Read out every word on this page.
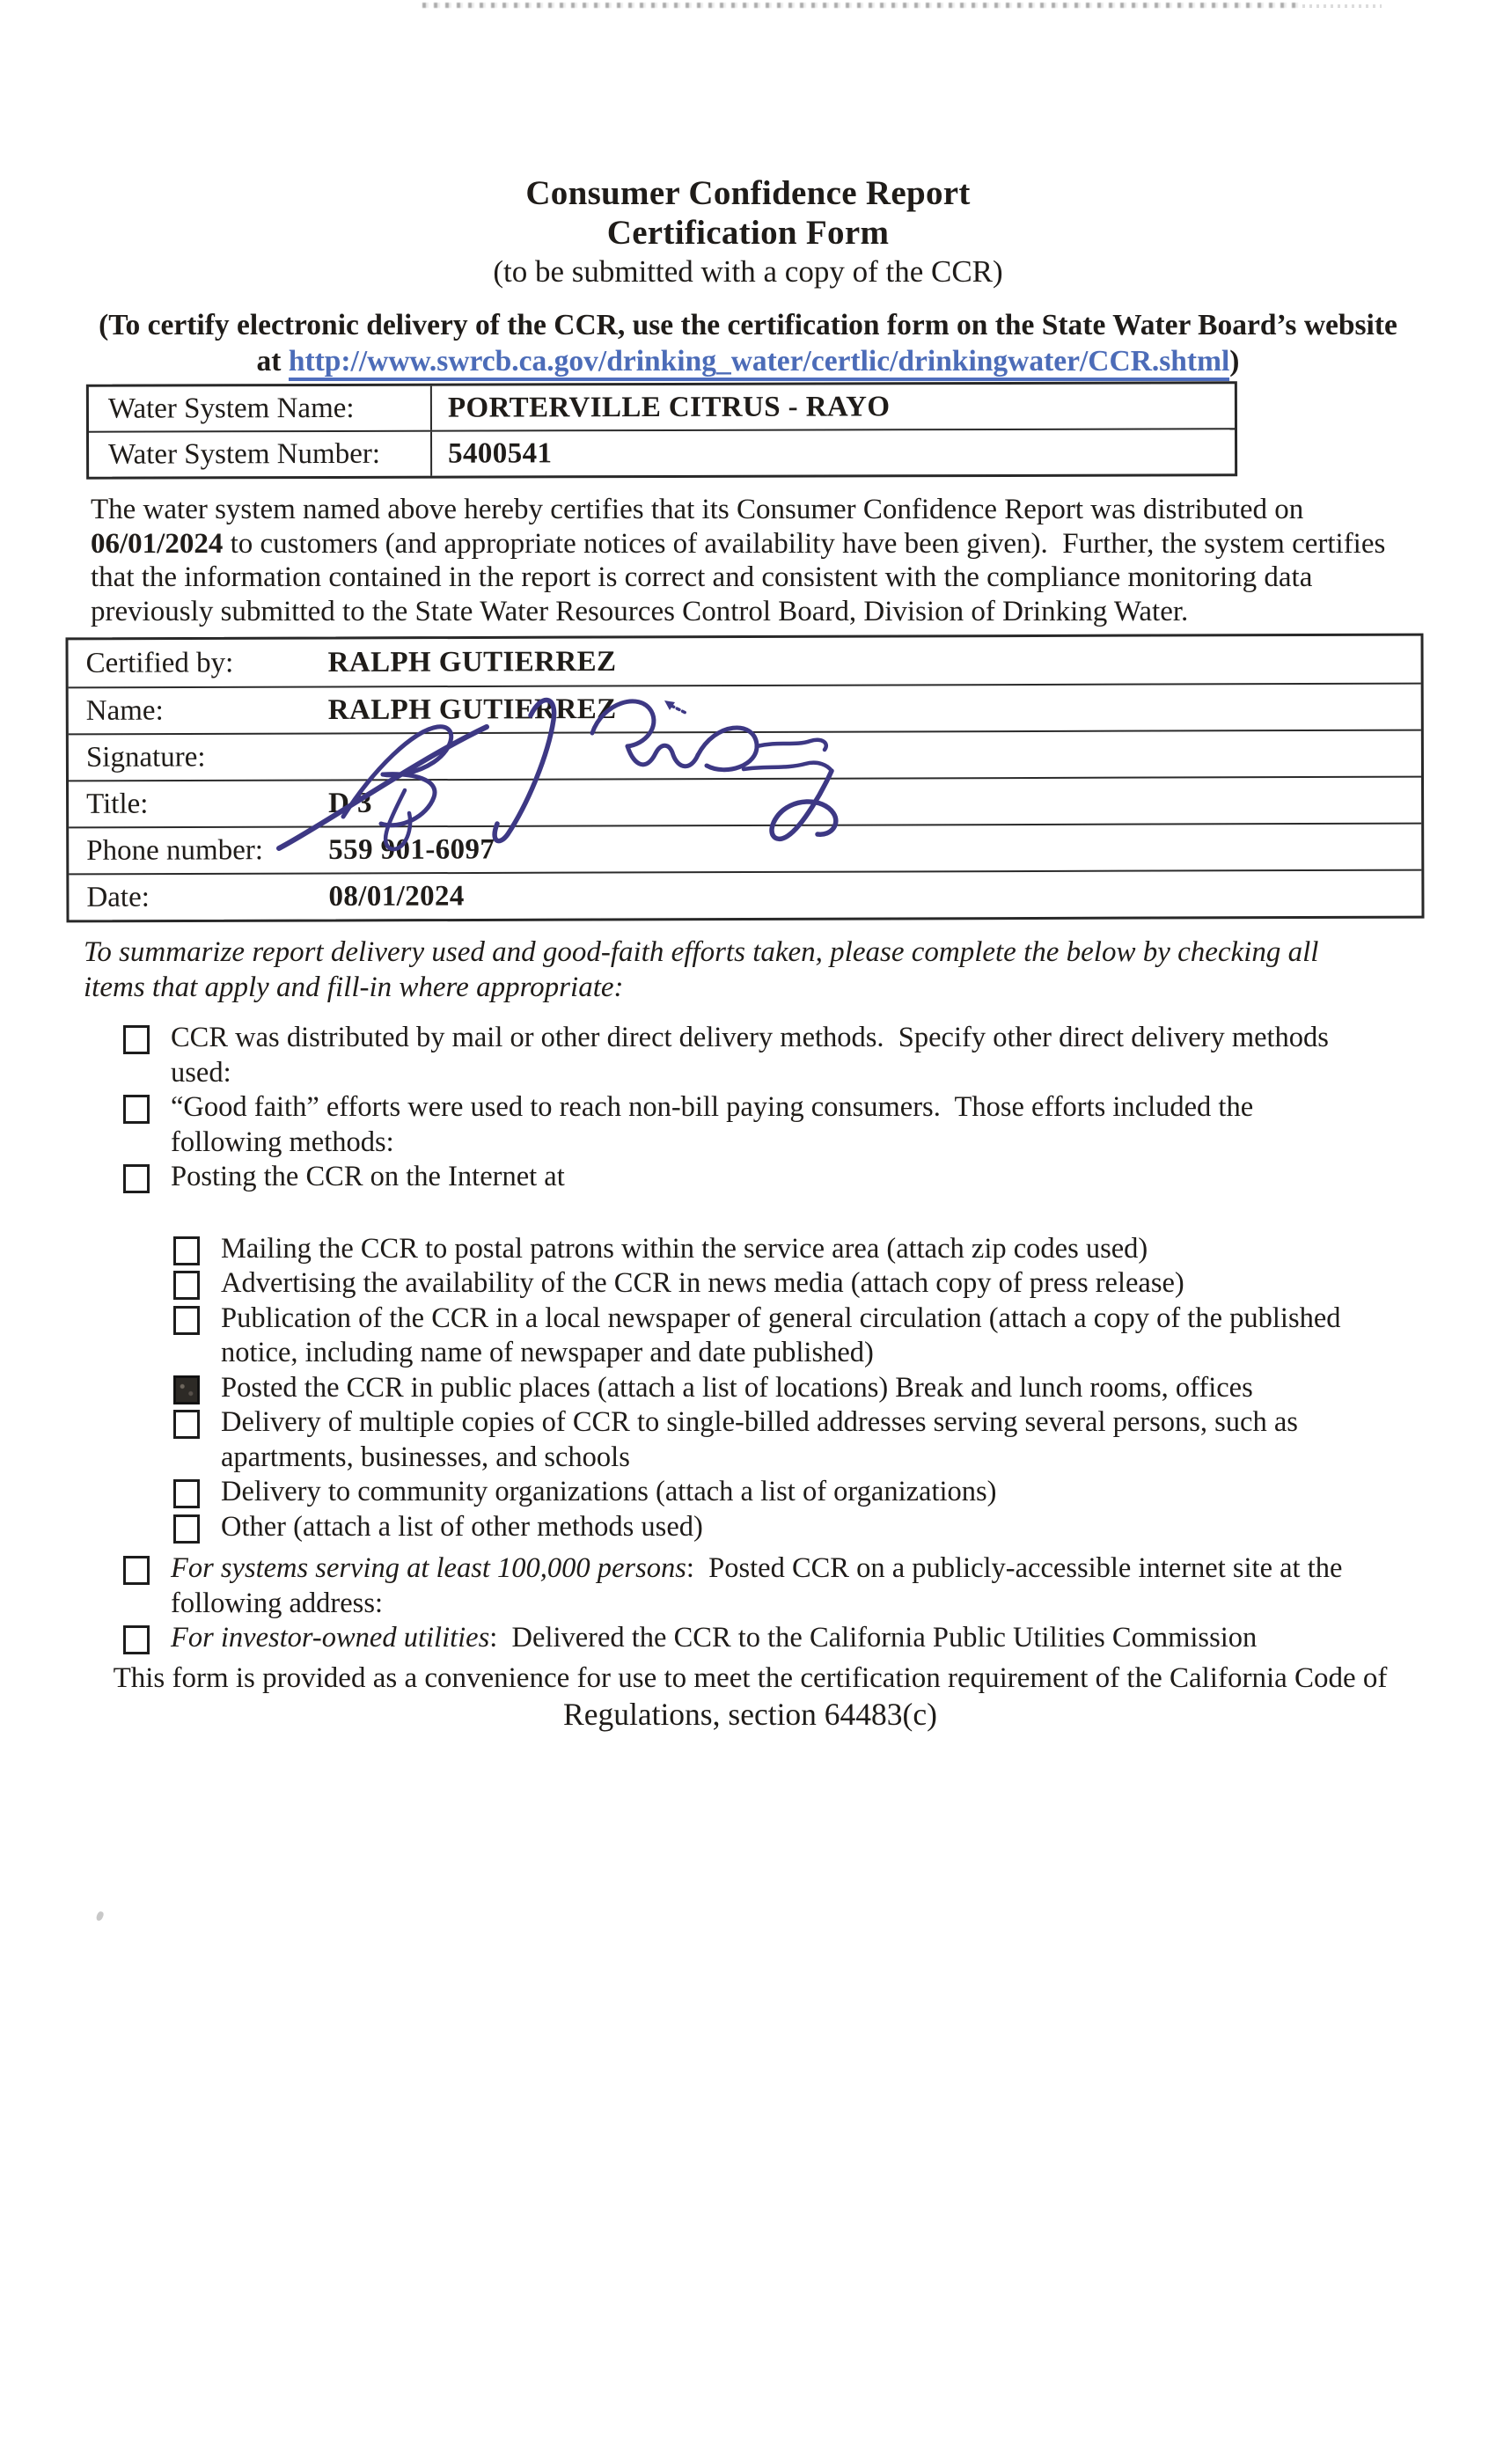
Consumer Confidence Report
Certification Form
(to be submitted with a copy of the CCR)
(To certify electronic delivery of the CCR, use the certification form on the State Water Board’s website
at http://www.swrcb.ca.gov/drinking_water/certlic/drinkingwater/CCR.shtml)
Water System Name:	PORTERVILLE CITRUS - RAYO
Water System Number:	5400541
The water system named above hereby certifies that its Consumer Confidence Report was distributed on 06/01/2024 to customers (and appropriate notices of availability have been given).  Further, the system certifies that the information contained in the report is correct and consistent with the compliance monitoring data previously submitted to the State Water Resources Control Board, Division of Drinking Water.
Certified by:	RALPH GUTIERREZ
Name:	RALPH GUTIERREZ
Signature:
Title:	D 3
Phone number: 559 901-6097
Date:	08/01/2024
To summarize report delivery used and good-faith efforts taken, please complete the below by checking all
items that apply and fill-in where appropriate:
CCR was distributed by mail or other direct delivery methods.  Specify other direct delivery methods
used:
“Good faith” efforts were used to reach non-bill paying consumers.  Those efforts included the
following methods:
Posting the CCR on the Internet at
Mailing the CCR to postal patrons within the service area (attach zip codes used)
Advertising the availability of the CCR in news media (attach copy of press release)
Publication of the CCR in a local newspaper of general circulation (attach a copy of the published
notice, including name of newspaper and date published)
Posted the CCR in public places (attach a list of locations) Break and lunch rooms, offices
Delivery of multiple copies of CCR to single-billed addresses serving several persons, such as
apartments, businesses, and schools
Delivery to community organizations (attach a list of organizations)
Other (attach a list of other methods used)
For systems serving at least 100,000 persons:  Posted CCR on a publicly-accessible internet site at the
following address:
For investor-owned utilities:  Delivered the CCR to the California Public Utilities Commission
This form is provided as a convenience for use to meet the certification requirement of the California Code of
Regulations, section 64483(c)
